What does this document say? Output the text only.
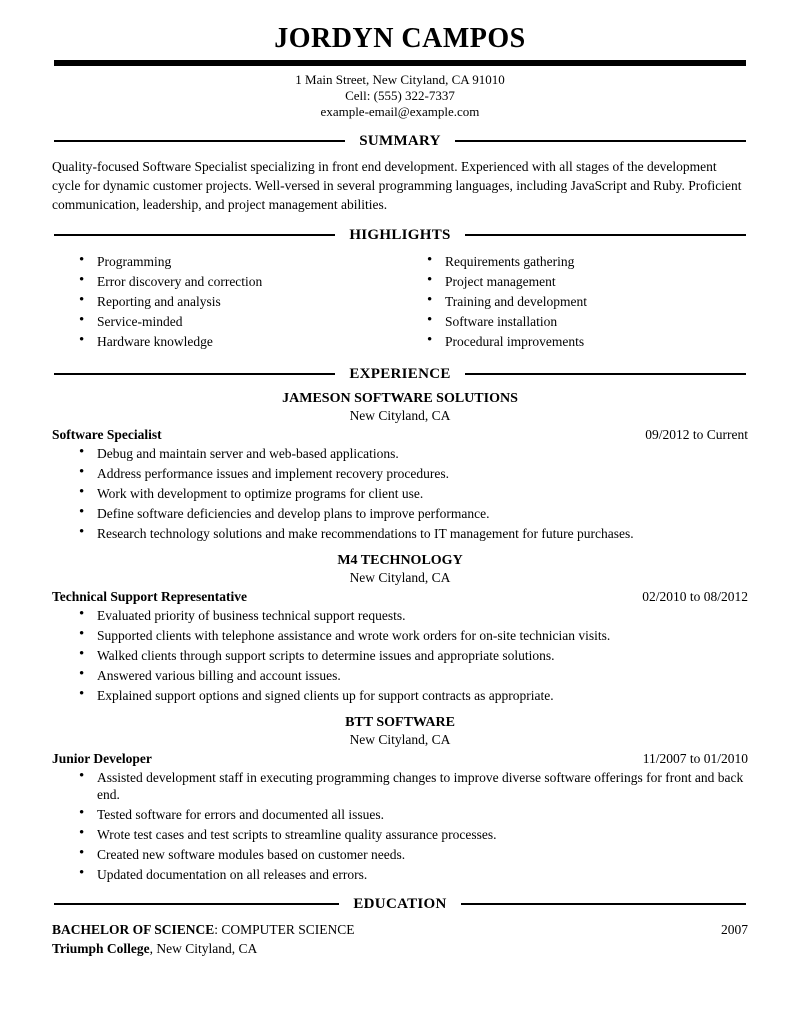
JORDYN CAMPOS
1 Main Street, New Cityland, CA 91010
Cell: (555) 322-7337
example-email@example.com
SUMMARY

Quality-focused Software Specialist specializing in front end development. Experienced with all stages of the development cycle for dynamic customer projects. Well-versed in several programming languages, including JavaScript and Ruby. Proficient communication, leadership, and project management abilities.

HIGHLIGHTS
• Programming
• Error discovery and correction
• Reporting and analysis
• Service-minded
• Hardware knowledge
• Requirements gathering
• Project management
• Training and development
• Software installation
• Procedural improvements
EXPERIENCE
JAMESON SOFTWARE SOLUTIONS
New Cityland, CA
Software Specialist	09/2012 to Current
• Debug and maintain server and web-based applications.
• Address performance issues and implement recovery procedures.
• Work with development to optimize programs for client use.
• Define software deficiencies and develop plans to improve performance.
• Research technology solutions and make recommendations to IT management for future purchases.
M4 TECHNOLOGY
New Cityland, CA
Technical Support Representative	02/2010 to 08/2012
• Evaluated priority of business technical support requests.
• Supported clients with telephone assistance and wrote work orders for on-site technician visits.
• Walked clients through support scripts to determine issues and appropriate solutions.
• Answered various billing and account issues.
• Explained support options and signed clients up for support contracts as appropriate.
BTT SOFTWARE
New Cityland, CA
Junior Developer	11/2007 to 01/2010
• Assisted development staff in executing programming changes to improve diverse software offerings for front and back end.
• Tested software for errors and documented all issues.
• Wrote test cases and test scripts to streamline quality assurance processes.
• Created new software modules based on customer needs.
• Updated documentation on all releases and errors.
EDUCATION
BACHELOR OF SCIENCE: COMPUTER SCIENCE	2007
Triumph College, New Cityland, CA
